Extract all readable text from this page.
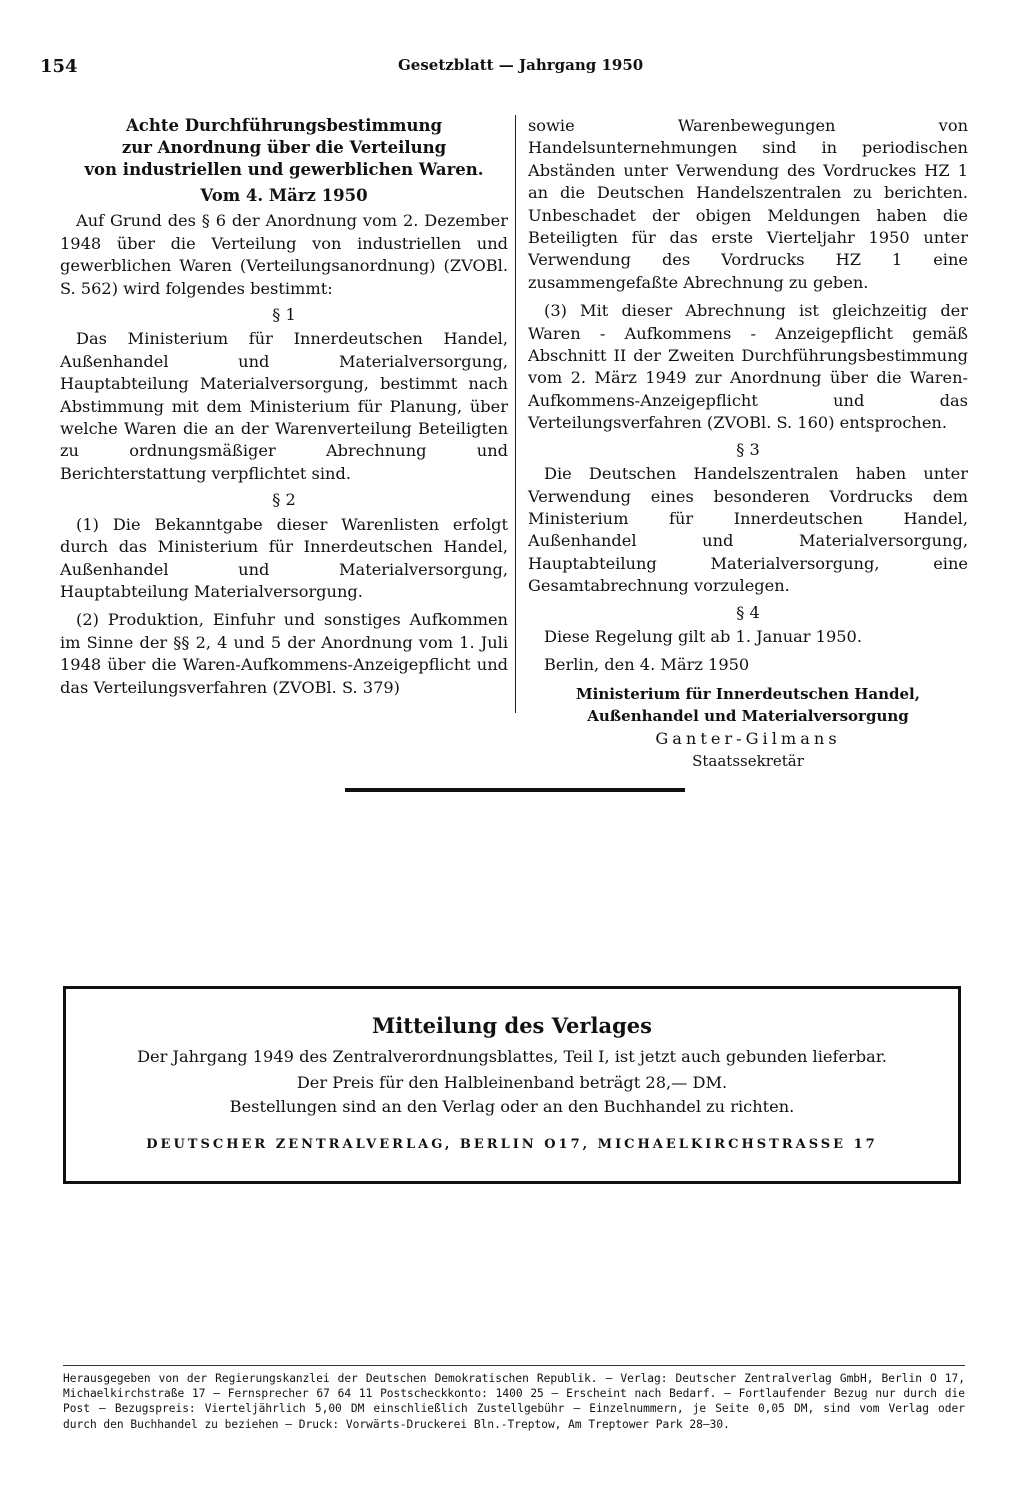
154	Gesetzblatt — Jahrgang 1950

Achte Durchführungsbestimmung

zur Anordnung über die Verteilung

von industriellen und gewerblichen Waren.

Vom 4. März 1950

Auf Grund des § 6 der Anordnung vom 2. Dezember 1948 über die Verteilung von industriellen und gewerblichen Waren (Verteilungsanordnung) (ZVOBl. S. 562) wird folgendes bestimmt:

§ 1

Das Ministerium für Innerdeutschen Handel, Außenhandel und Materialversorgung, Hauptabteilung Materialversorgung, bestimmt nach Abstimmung mit dem Ministerium für Planung, über welche Waren die an der Warenverteilung Beteiligten zu ordnungsmäßiger Abrechnung und Berichterstattung verpflichtet sind.

§ 2

(1) Die Bekanntgabe dieser Warenlisten erfolgt durch das Ministerium für Innerdeutschen Handel, Außenhandel und Materialversorgung, Hauptabteilung Materialversorgung.

(2) Produktion, Einfuhr und sonstiges Aufkommen im Sinne der §§ 2, 4 und 5 der Anordnung vom 1. Juli 1948 über die Waren-Aufkommens-Anzeigepflicht und das Verteilungsverfahren (ZVOBl. S. 379)

sowie Warenbewegungen von Handelsunternehmungen sind in periodischen Abständen unter Verwendung des Vordruckes HZ 1 an die Deutschen Handelszentralen zu berichten. Unbeschadet der obigen Meldungen haben die Beteiligten für das erste Vierteljahr 1950 unter Verwendung des Vordrucks HZ 1 eine zusammengefaßte Abrechnung zu geben.

(3) Mit dieser Abrechnung ist gleichzeitig der Waren - Aufkommens - Anzeigepflicht gemäß Abschnitt II der Zweiten Durchführungsbestimmung vom 2. März 1949 zur Anordnung über die Waren-Aufkommens-Anzeigepflicht und das Verteilungsverfahren (ZVOBl. S. 160) entsprochen.

§ 3

Die Deutschen Handelszentralen haben unter Verwendung eines besonderen Vordrucks dem Ministerium für Innerdeutschen Handel, Außenhandel und Materialversorgung, Hauptabteilung Materialversorgung, eine Gesamtabrechnung vorzulegen.

§ 4

Diese Regelung gilt ab 1. Januar 1950.

Berlin, den 4. März 1950

Ministerium für Innerdeutschen Handel,

Außenhandel und Materialversorgung

Ganter-Gilmans

Staatssekretär

Mitteilung des Verlages
Der Jahrgang 1949 des Zentralverordnungsblattes, Teil I, ist jetzt auch gebunden lieferbar.
Der Preis für den Halbleinenband beträgt 28,— DM.
Bestellungen sind an den Verlag oder an den Buchhandel zu richten.
DEUTSCHER ZENTRALVERLAG, BERLIN O17, MICHAELKIRCHSTRASSE 17
Herausgegeben von der Regierungskanzlei der Deutschen Demokratischen Republik. — Verlag: Deutscher Zentralverlag GmbH, Berlin O 17, Michaelkirchstraße 17 — Fernsprecher 67 64 11 Postscheckkonto: 1400 25 — Erscheint nach Bedarf. — Fortlaufender Bezug nur durch die Post — Bezugspreis: Vierteljährlich 5,00 DM einschließlich Zustellgebühr — Einzelnummern, je Seite 0,05 DM, sind vom Verlag oder durch den Buchhandel zu beziehen — Druck: Vorwärts-Druckerei Bln.-Treptow, Am Treptower Park 28—30.
